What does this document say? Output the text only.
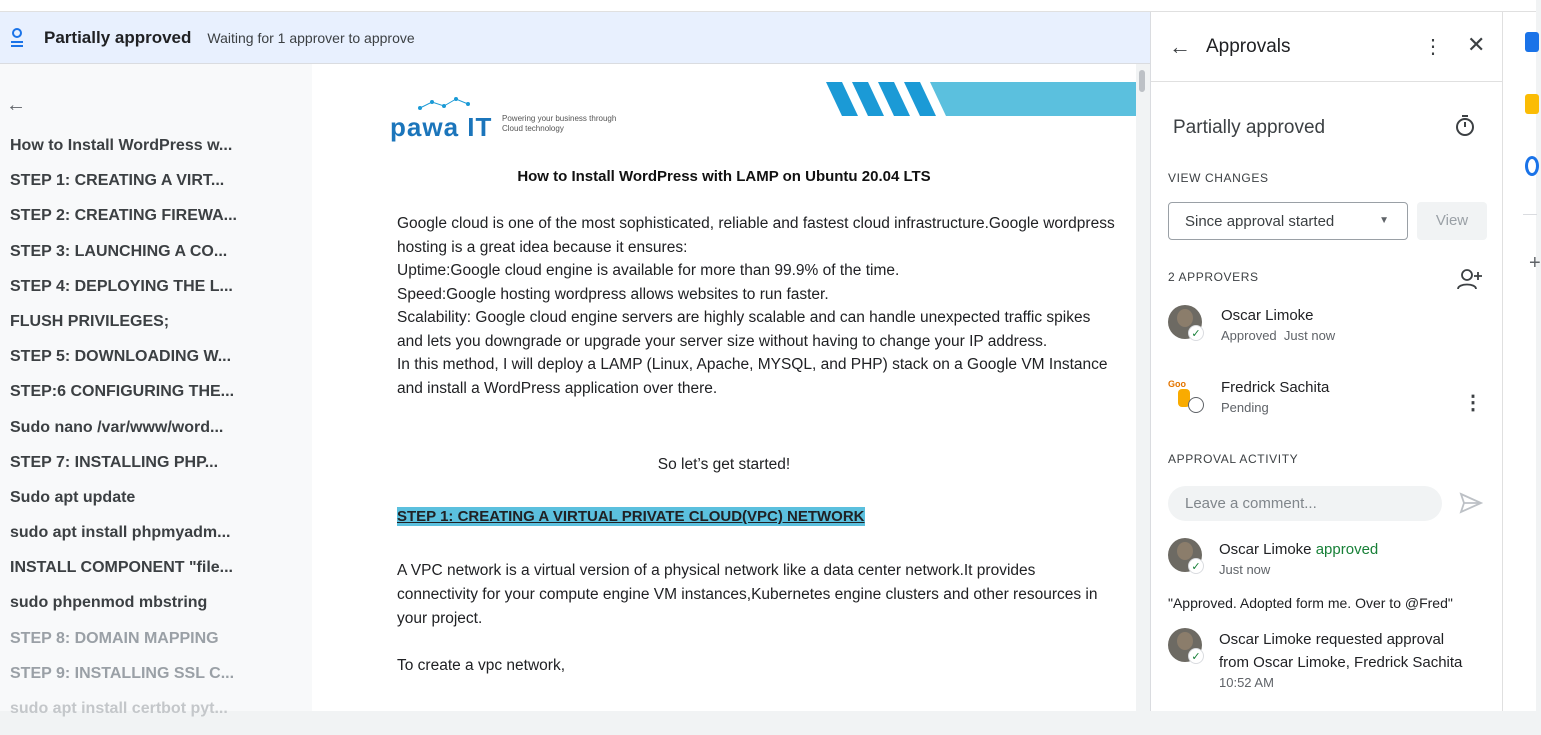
Partially approved Waiting for 1 approver to approve
←
How to Install WordPress w...
STEP 1: CREATING A VIRT...
STEP 2: CREATING FIREWA...
STEP 3: LAUNCHING A CO...
STEP 4: DEPLOYING THE L...
FLUSH PRIVILEGES;
STEP 5: DOWNLOADING W...
STEP:6 CONFIGURING THE...
Sudo nano /var/www/word...
STEP 7: INSTALLING PHP...
Sudo apt update
sudo apt install phpmyadm...
INSTALL COMPONENT "file...
sudo phpenmod mbstring
STEP 8: DOMAIN MAPPING
STEP 9: INSTALLING SSL C...
sudo apt install certbot pyt...
pawa IT Powering your business through Cloud technology
How to Install WordPress with LAMP on Ubuntu 20.04 LTS
Google cloud is one of the most sophisticated, reliable and fastest cloud infrastructure.Google wordpress hosting is a great idea because it ensures:
Uptime:Google cloud engine is available for more than 99.9% of the time.
Speed:Google hosting wordpress allows websites to run faster.
Scalability: Google cloud engine servers are highly scalable and can handle unexpected traffic spikes and lets you downgrade or upgrade your server size without having to change your IP address.
In this method, I will deploy a LAMP (Linux, Apache, MYSQL, and PHP) stack on a Google VM Instance and install a WordPress application over there.
So let’s get started!
STEP 1: CREATING A VIRTUAL PRIVATE CLOUD(VPC) NETWORK
A VPC network is a virtual version of a physical network like a data center network.It provides connectivity for your compute engine VM instances,Kubernetes engine clusters and other resources in your project.
To create a vpc network,
← Approvals	⋮ ✕
Partially approved
VIEW CHANGES
Since approval started	▼	View
2 APPROVERS
✓
Oscar Limoke
Approved Just now
Goo Fredrick Sachita
Pending	⋮
APPROVAL ACTIVITY
Leave a comment...
✓
Oscar Limoke approved
Just now
"Approved. Adopted form me. Over to @Fred"
✓
Oscar Limoke requested approval
from Oscar Limoke, Fredrick Sachita
10:52 AM
+
